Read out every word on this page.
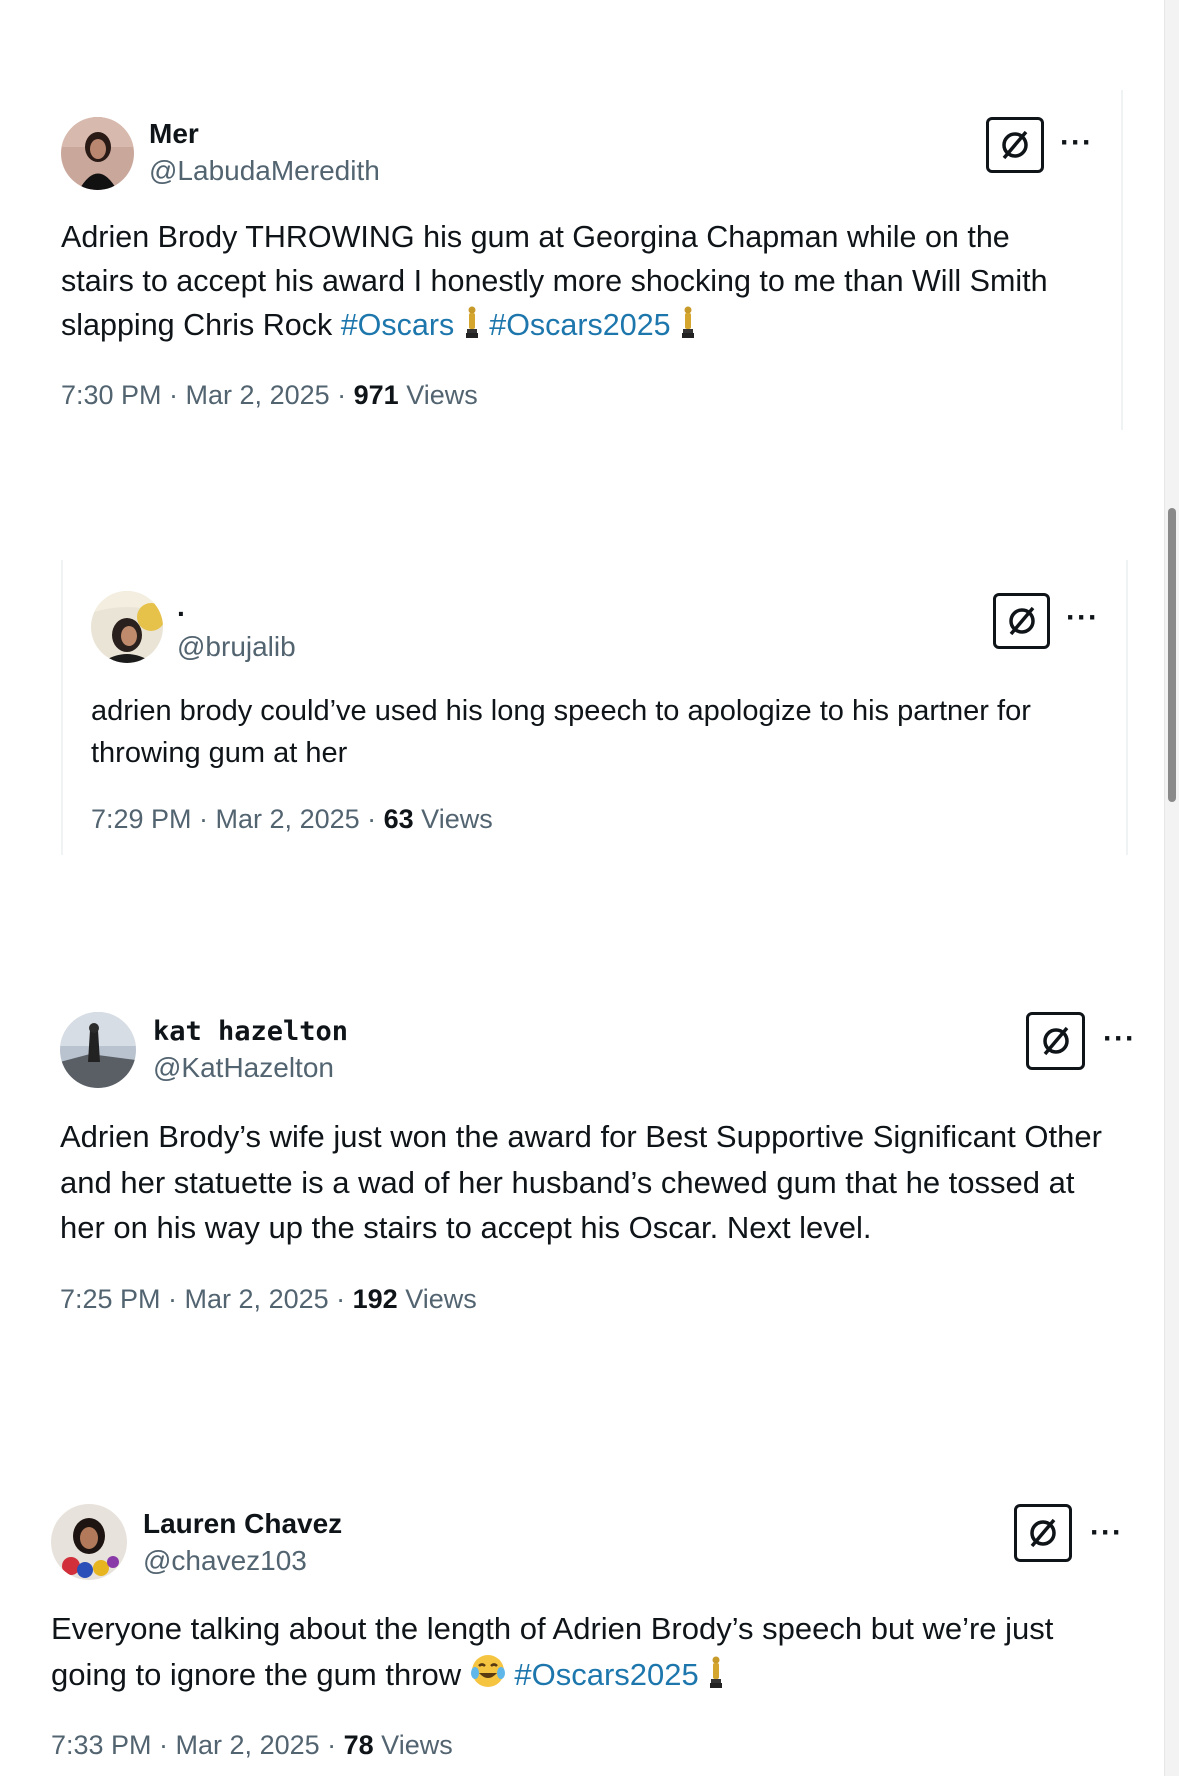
Mer
@LabudaMeredith
···
Adrien Brody THROWING his gum at Georgina Chapman while on the stairs to accept his award I honestly more shocking to me than Will Smith slapping Chris Rock #Oscars #Oscars2025
7:30 PM · Mar 2, 2025 · 971 Views
·
@brujalib
···
adrien brody could’ve used his long speech to apologize to his partner for throwing gum at her
7:29 PM · Mar 2, 2025 · 63 Views
kat hazelton
@KatHazelton
···
Adrien Brody’s wife just won the award for Best Supportive Significant Other and her statuette is a wad of her husband’s chewed gum that he tossed at her on his way up the stairs to accept his Oscar. Next level.
7:25 PM · Mar 2, 2025 · 192 Views
Lauren Chavez
@chavez103
···
Everyone talking about the length of Adrien Brody’s speech but we’re just going to ignore the gum throw  #Oscars2025
7:33 PM · Mar 2, 2025 · 78 Views
